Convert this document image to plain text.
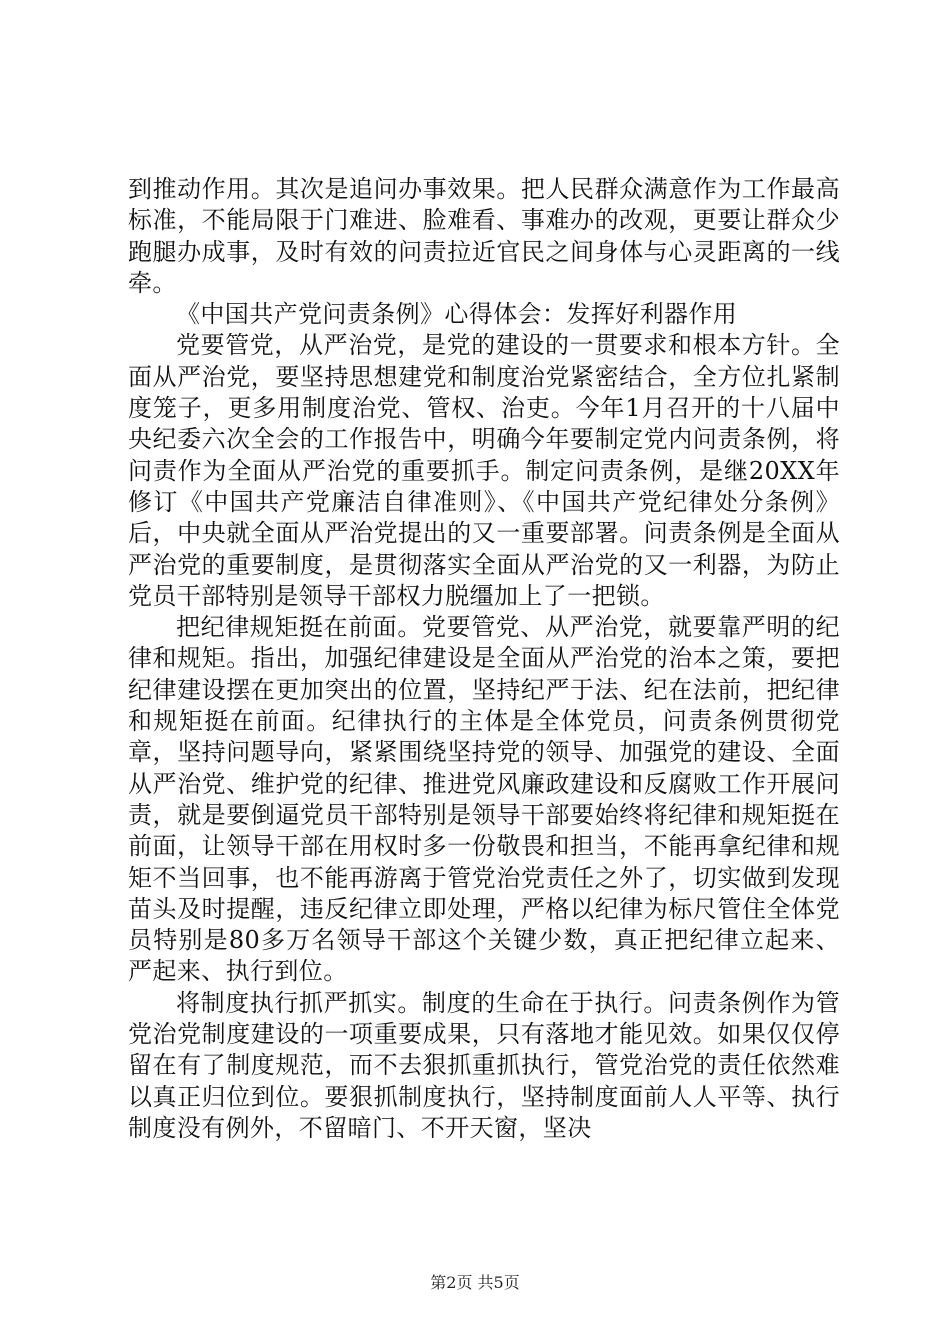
到推动作用。其次是追问办事效果。把人民群众满意作为工作最高标准，不能局限于门难进、脸难看、事难办的改观，更要让群众少跑腿办成事，及时有效的问责拉近官民之间身体与心灵距离的一线牵。

《中国共产党问责条例》心得体会：发挥好利器作用

党要管党，从严治党，是党的建设的一贯要求和根本方针。全面从严治党，要坚持思想建党和制度治党紧密结合，全方位扎紧制度笼子，更多用制度治党、管权、治吏。今年1月召开的十八届中央纪委六次全会的工作报告中，明确今年要制定党内问责条例，将问责作为全面从严治党的重要抓手。制定问责条例，是继20XX年修订《中国共产党廉洁自律准则》、《中国共产党纪律处分条例》后，中央就全面从严治党提出的又一重要部署。问责条例是全面从严治党的重要制度，是贯彻落实全面从严治党的又一利器，为防止党员干部特别是领导干部权力脱缰加上了一把锁。

把纪律规矩挺在前面。党要管党、从严治党，就要靠严明的纪律和规矩。指出，加强纪律建设是全面从严治党的治本之策，要把纪律建设摆在更加突出的位置，坚持纪严于法、纪在法前，把纪律和规矩挺在前面。纪律执行的主体是全体党员，问责条例贯彻党章，坚持问题导向，紧紧围绕坚持党的领导、加强党的建设、全面从严治党、维护党的纪律、推进党风廉政建设和反腐败工作开展问责，就是要倒逼党员干部特别是领导干部要始终将纪律和规矩挺在前面，让领导干部在用权时多一份敬畏和担当，不能再拿纪律和规矩不当回事，也不能再游离于管党治党责任之外了，切实做到发现苗头及时提醒，违反纪律立即处理，严格以纪律为标尺管住全体党员特别是80多万名领导干部这个关键少数，真正把纪律立起来、严起来、执行到位。

将制度执行抓严抓实。制度的生命在于执行。问责条例作为管党治党制度建设的一项重要成果，只有落地才能见效。如果仅仅停留在有了制度规范，而不去狠抓重抓执行，管党治党的责任依然难以真正归位到位。要狠抓制度执行，坚持制度面前人人平等、执行制度没有例外，不留暗门、不开天窗，坚决

第2页 共5页
